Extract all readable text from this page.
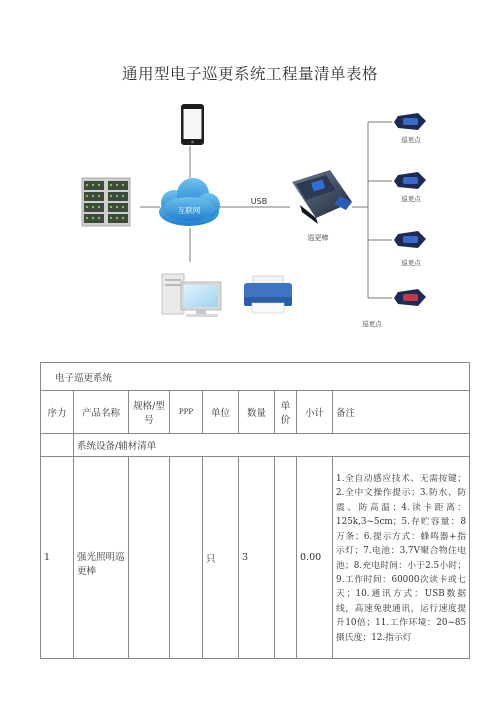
通用型电子巡更系统工程量清单表格
互联网
USB
巡更棒
巡更点
巡更点
巡更点
巡更点
电子巡更系统								
序力	产品名称	规格/型号	PPP	单位	数量	单价	小计	备注
	系统设备/辅材清单							
1	强光照明巡更棒			只	3		0.00	1.全自动感应技术、无需按键；2.全中文操作提示；3.防水、防震、防高温；4.读卡距离：125k,3~5cm；5.存贮容量：8万条；6.提示方式：蜂鸣器+指示灯；7.电池：3.7V聚合物住电池；8.充电时间：小于2.5小时；9.工作时间：60000次读卡或七天；10.通讯方式：USB数据线，高速免驶通讯，运行速度提升10倍；11.工作环境：20~85摄氏度；12.指示灯
